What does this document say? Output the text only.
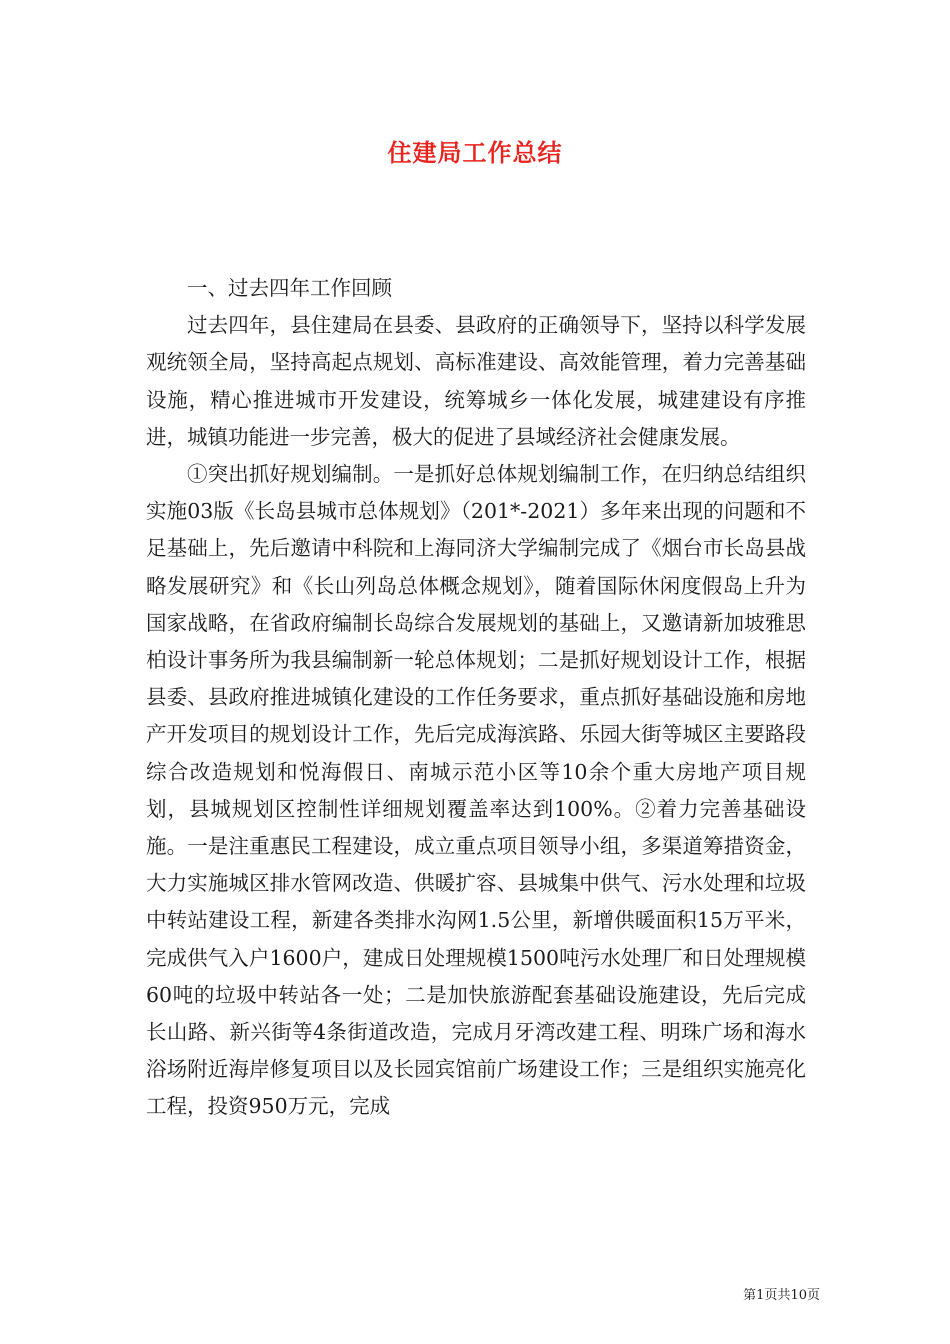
住建局工作总结

一、过去四年工作回顾

过去四年，县住建局在县委、县政府的正确领导下，坚持以科学发展观统领全局，坚持高起点规划、高标准建设、高效能管理，着力完善基础设施，精心推进城市开发建设，统筹城乡一体化发展，城建建设有序推进，城镇功能进一步完善，极大的促进了县域经济社会健康发展。

①突出抓好规划编制。一是抓好总体规划编制工作，在归纳总结组织实施03版《长岛县城市总体规划》（201*-2021）多年来出现的问题和不足基础上，先后邀请中科院和上海同济大学编制完成了《烟台市长岛县战略发展研究》和《长山列岛总体概念规划》，随着国际休闲度假岛上升为国家战略，在省政府编制长岛综合发展规划的基础上，又邀请新加坡雅思柏设计事务所为我县编制新一轮总体规划；二是抓好规划设计工作，根据县委、县政府推进城镇化建设的工作任务要求，重点抓好基础设施和房地产开发项目的规划设计工作，先后完成海滨路、乐园大街等城区主要路段综合改造规划和悦海假日、南城示范小区等10余个重大房地产项目规划，县城规划区控制性详细规划覆盖率达到100%。②着力完善基础设施。一是注重惠民工程建设，成立重点项目领导小组，多渠道筹措资金，大力实施城区排水管网改造、供暖扩容、县城集中供气、污水处理和垃圾中转站建设工程，新建各类排水沟网1.5公里，新增供暖面积15万平米，完成供气入户1600户，建成日处理规模1500吨污水处理厂和日处理规模60吨的垃圾中转站各一处；二是加快旅游配套基础设施建设，先后完成长山路、新兴街等4条街道改造，完成月牙湾改建工程、明珠广场和海水浴场附近海岸修复项目以及长园宾馆前广场建设工作；三是组织实施亮化工程，投资950万元，完成

第1页共10页
